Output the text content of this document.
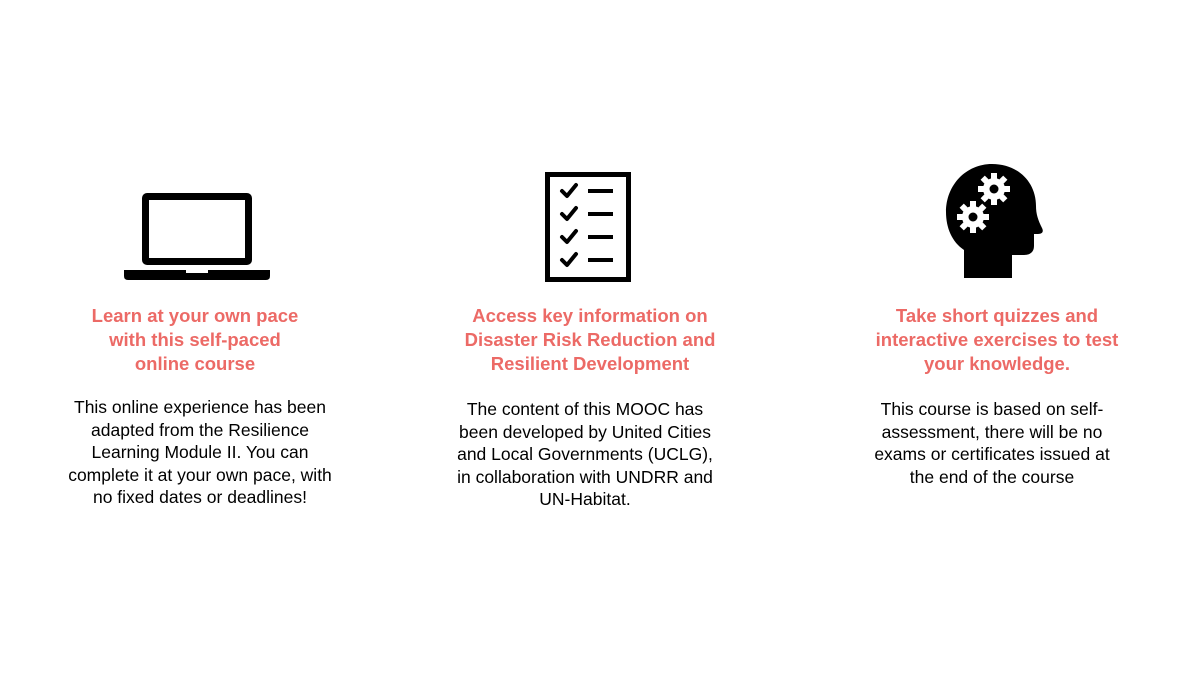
Learn at your own pace
with this self-paced
online course
This online experience has been
adapted from the Resilience
Learning Module II. You can
complete it at your own pace, with
no fixed dates or deadlines!
Access key information on
Disaster Risk Reduction and
Resilient Development
The content of this MOOC has
been developed by United Cities
and Local Governments (UCLG),
in collaboration with UNDRR and
UN-Habitat.
Take short quizzes and
interactive exercises to test
your knowledge.
This course is based on self-
assessment, there will be no
exams or certificates issued at
the end of the course
